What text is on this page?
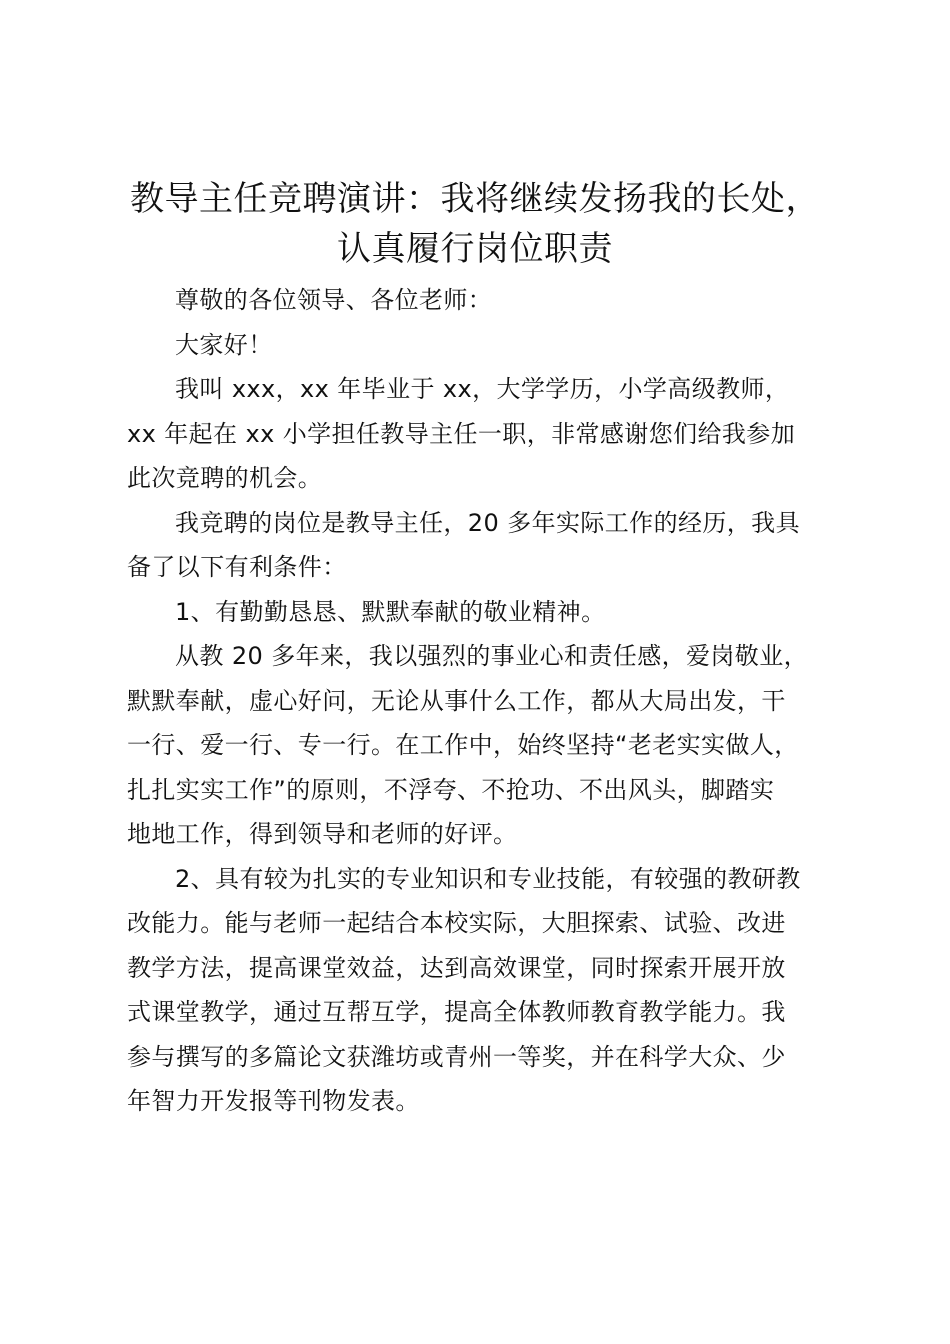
教导主任竞聘演讲：我将继续发扬我的长处，
认真履行岗位职责

尊敬的各位领导、各位老师：

大家好！

我叫 xxx，xx 年毕业于 xx，大学学历，小学高级教师，
xx 年起在 xx 小学担任教导主任一职，非常感谢您们给我参加
此次竞聘的机会。

我竞聘的岗位是教导主任，20 多年实际工作的经历，我具
备了以下有利条件：

1、有勤勤恳恳、默默奉献的敬业精神。

从教 20 多年来，我以强烈的事业心和责任感，爱岗敬业，
默默奉献，虚心好问，无论从事什么工作，都从大局出发，干
一行、爱一行、专一行。在工作中，始终坚持“老老实实做人，
扎扎实实工作”的原则，不浮夸、不抢功、不出风头，脚踏实
地地工作，得到领导和老师的好评。

2、具有较为扎实的专业知识和专业技能，有较强的教研教
改能力。能与老师一起结合本校实际，大胆探索、试验、改进
教学方法，提高课堂效益，达到高效课堂，同时探索开展开放
式课堂教学，通过互帮互学，提高全体教师教育教学能力。我
参与撰写的多篇论文获潍坊或青州一等奖，并在科学大众、少
年智力开发报等刊物发表。
